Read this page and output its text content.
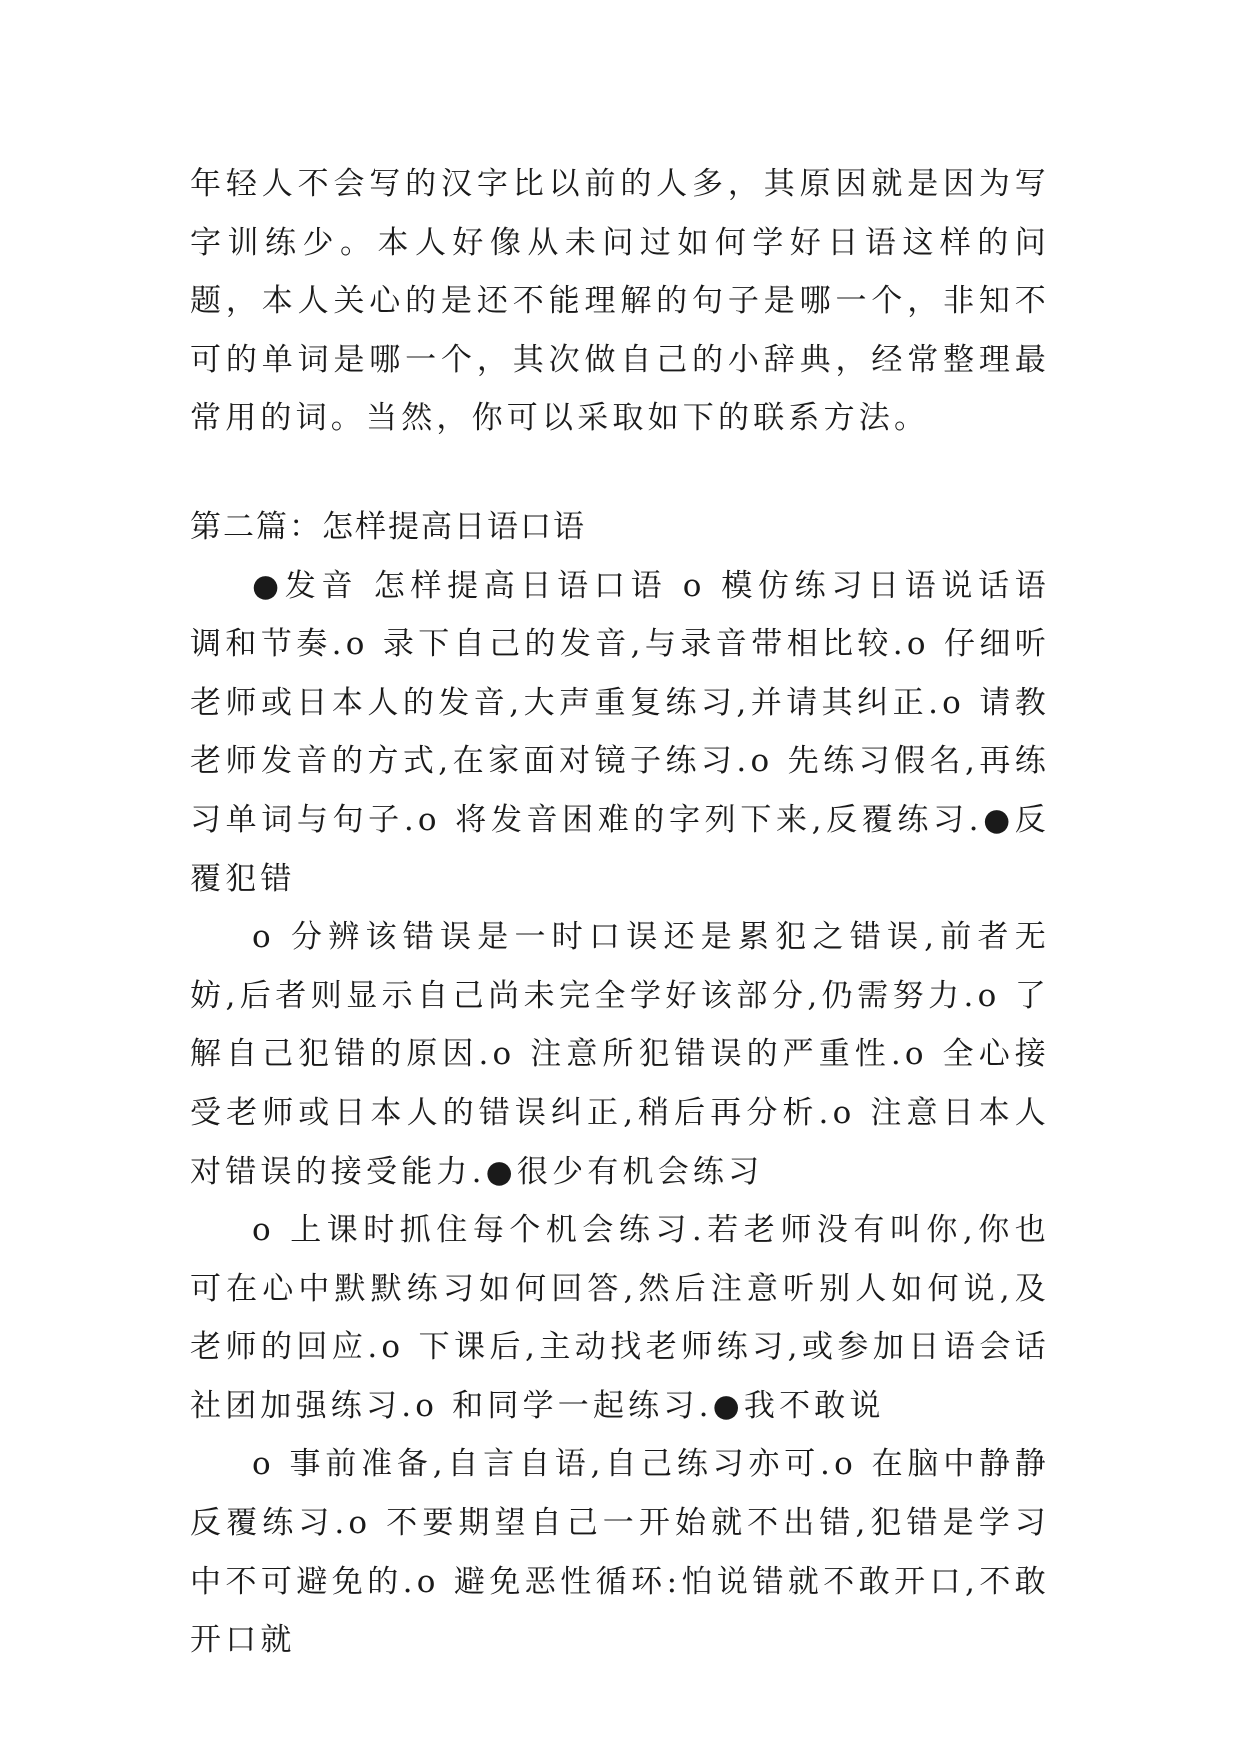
年轻人不会写的汉字比以前的人多，其原因就是因为写字训练少。本人好像从未问过如何学好日语这样的问题，本人关心的是还不能理解的句子是哪一个，非知不可的单词是哪一个，其次做自己的小辞典，经常整理最常用的词。当然，你可以采取如下的联系方法。

第二篇：怎样提高日语口语

●发音 怎样提高日语口语 o 模仿练习日语说话语调和节奏.o 录下自己的发音,与录音带相比较.o 仔细听老师或日本人的发音,大声重复练习,并请其纠正.o 请教老师发音的方式,在家面对镜子练习.o 先练习假名,再练习单词与句子.o 将发音困难的字列下来,反覆练习.●反覆犯错

o 分辨该错误是一时口误还是累犯之错误,前者无妨,后者则显示自己尚未完全学好该部分,仍需努力.o 了解自己犯错的原因.o 注意所犯错误的严重性.o 全心接受老师或日本人的错误纠正,稍后再分析.o 注意日本人对错误的接受能力.●很少有机会练习

o 上课时抓住每个机会练习.若老师没有叫你,你也可在心中默默练习如何回答,然后注意听别人如何说,及老师的回应.o 下课后,主动找老师练习,或参加日语会话社团加强练习.o 和同学一起练习.●我不敢说

o 事前准备,自言自语,自己练习亦可.o 在脑中静静反覆练习.o 不要期望自己一开始就不出错,犯错是学习中不可避免的.o 避免恶性循环:怕说错就不敢开口,不敢开口就
